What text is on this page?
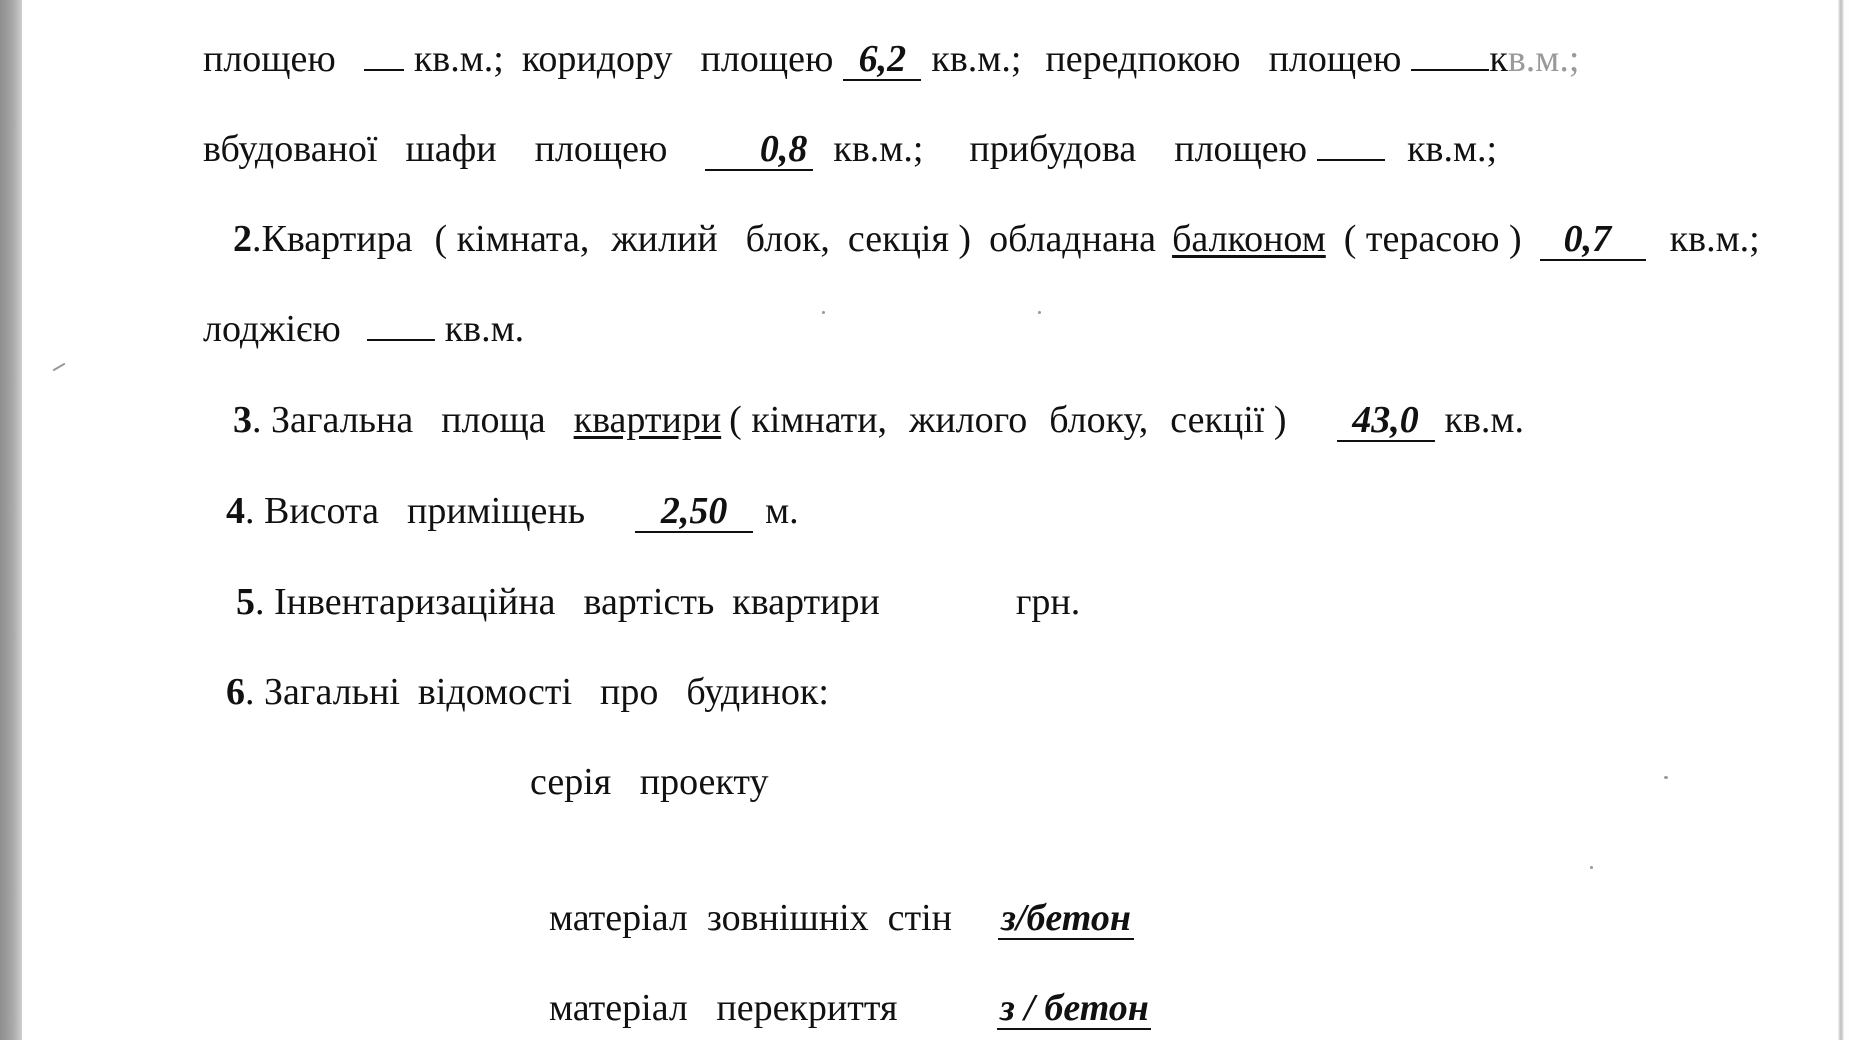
площею кв.м.; коридору площею 6,2 кв.м.; передпокою площею кв.м.;
вбудованої шафи площею 0,8 кв.м.; прибудова площею	кв.м.;
2.Квартира ( кімната, жилий блок, секція ) обладнана балконом ( терасою ) 0,7 кв.м.;
лоджією	кв.м.
3. Загальна площа квартири ( кімнати, жилого блоку, секції ) 43,0 кв.м.
4. Висота приміщень 2,50 м.
5. Інвентаризаційна вартість квартири	грн.
6. Загальні відомості про будинок:
серія   проекту

матеріал  зовнішніх  стін з/бетон

матеріал   перекриття	з / бетон
